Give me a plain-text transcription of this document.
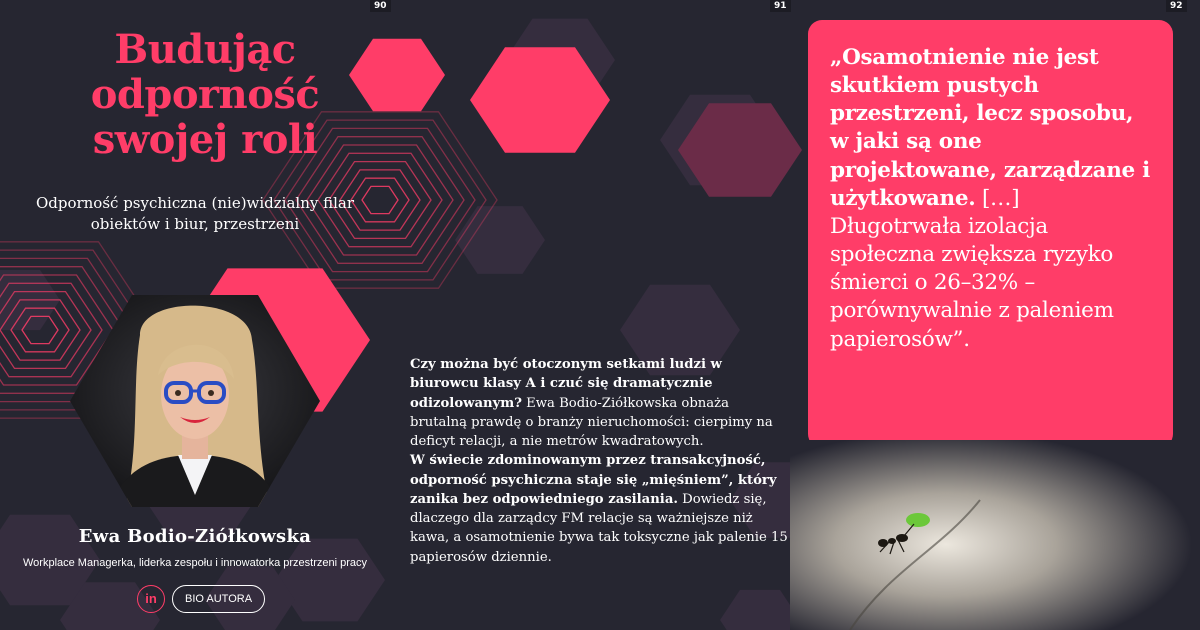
90	91	92
Budując
odporność
swojej roli
Odporność psychiczna (nie)widzialny filar obiektów i biur, przestrzeni
Ewa Bodio-Ziółkowska
Workplace Managerka, liderka zespołu i innowatorka przestrzeni pracy
in	BIO AUTORA
Czy można być otoczonym setkami ludzi w biurowcu klasy A i czuć się dramatycznie odizolowanym? Ewa Bodio-Ziółkowska obnaża brutalną prawdę o branży nieruchomości: cierpimy na deficyt relacji, a nie metrów kwadratowych.
W świecie zdominowanym przez transakcyjność, odporność psychiczna staje się „mięśniem”, który zanika bez odpowiedniego zasilania. Dowiedz się, dlaczego dla zarządcy FM relacje są ważniejsze niż kawa, a osamotnienie bywa tak toksyczne jak palenie 15 papierosów dziennie.
„Osamotnienie nie jest skutkiem pustych przestrzeni, lecz sposobu, w jaki są one projektowane, zarządzane i użytkowane. […] Długotrwała izolacja społeczna zwiększa ryzyko śmierci o 26–32% – porównywalnie z paleniem papierosów”.
